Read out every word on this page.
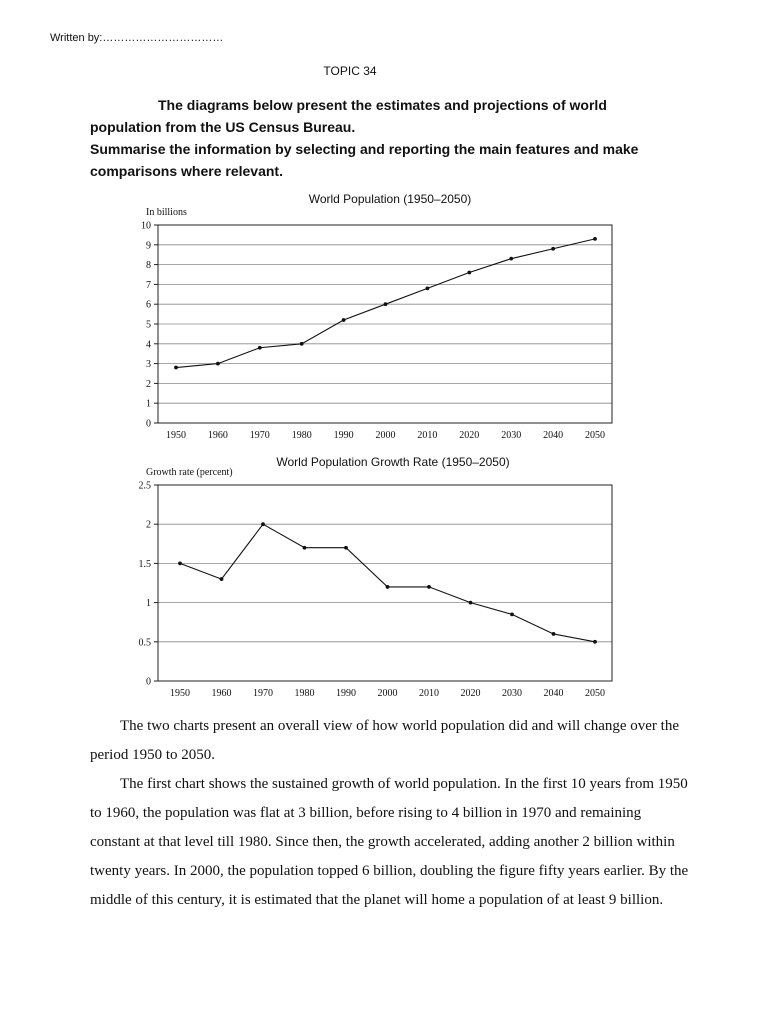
Written by:……………………………
TOPIC 34

The diagrams below present the estimates and projections of world population from the US Census Bureau.

Summarise the information by selecting and reporting the main features and make comparisons where relevant.

World Population (1950–2050)
In billions
0
1
2
3
4
5
6
7
8
9
10
1950 1960 1970 1980 1990 2000 2010 2020 2030 2040 2050
World Population Growth Rate (1950–2050)
Growth rate (percent)
0
0.5
1
1.5
2
2.5
1950 1960 1970 1980 1990 2000 2010 2020 2030 2040 2050

The two charts present an overall view of how world population did and will change over the period 1950 to 2050.

The first chart shows the sustained growth of world population. In the first 10 years from 1950 to 1960, the population was flat at 3 billion, before rising to 4 billion in 1970 and remaining constant at that level till 1980. Since then, the growth accelerated, adding another 2 billion within twenty years. In 2000, the population topped 6 billion, doubling the figure fifty years earlier. By the middle of this century, it is estimated that the planet will home a population of at least 9 billion.
